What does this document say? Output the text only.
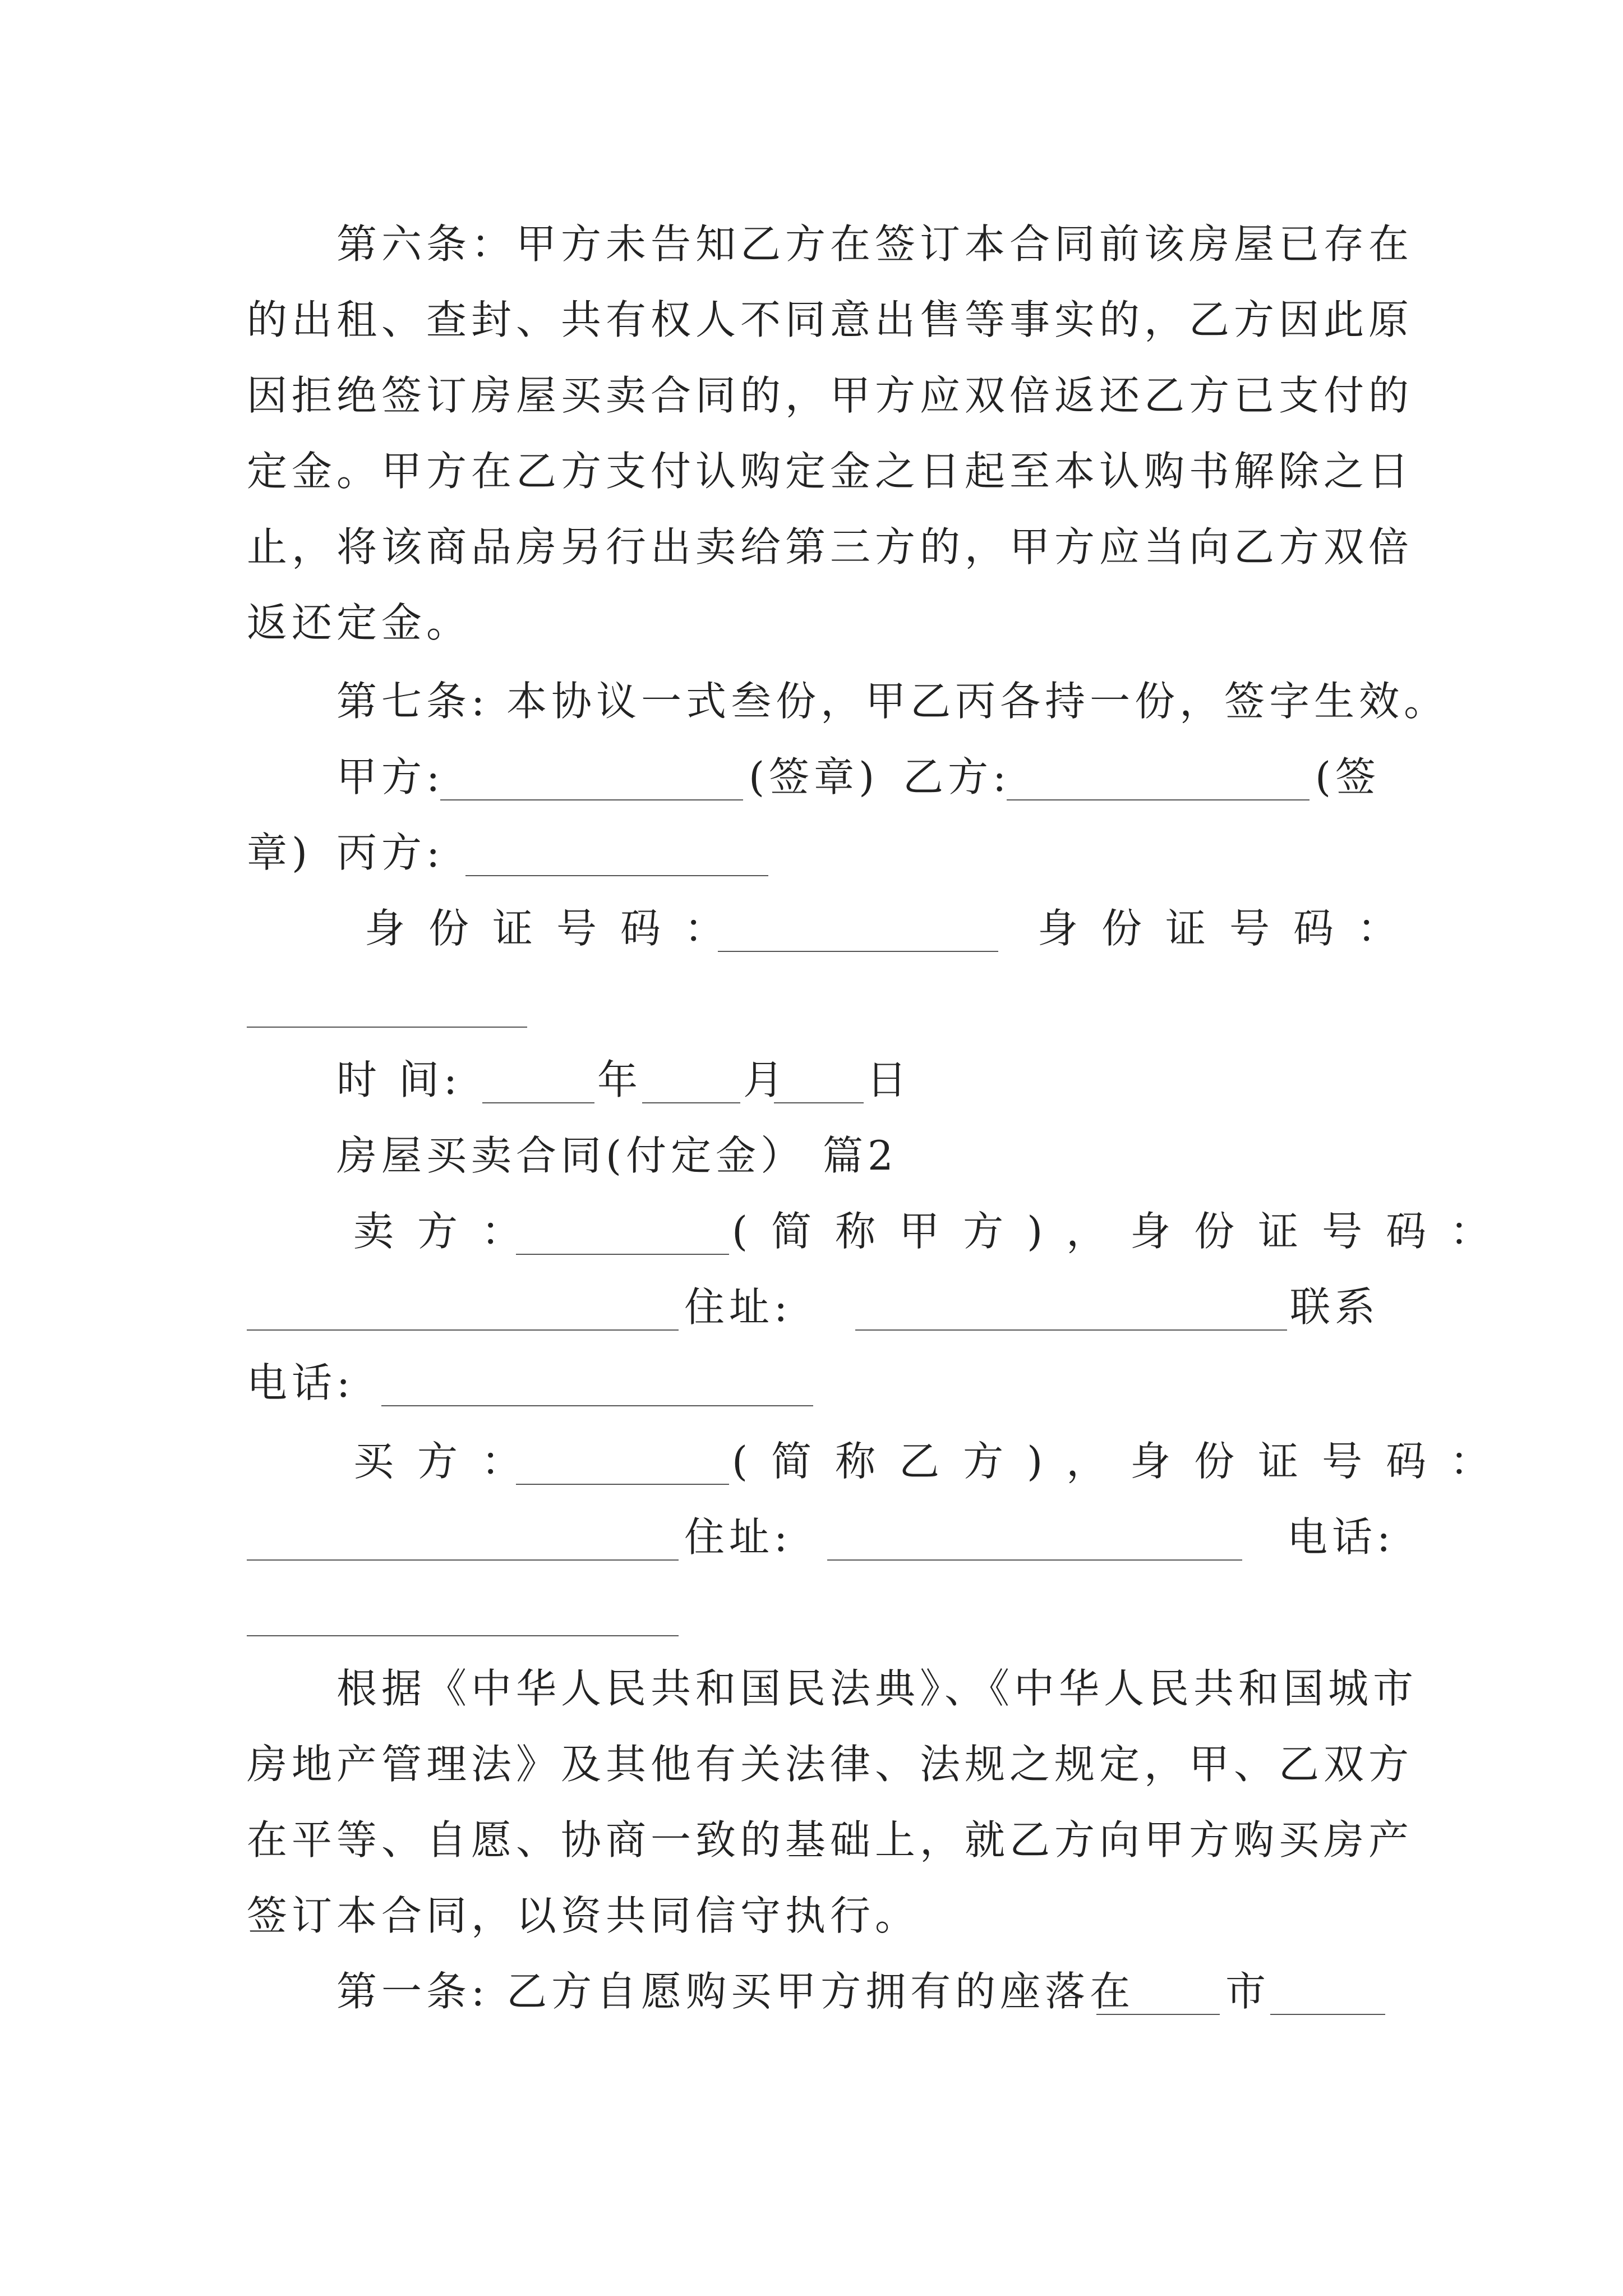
第六条：甲方未告知乙方在签订本合同前该房屋已存在
的出租、查封、共有权人不同意出售等事实的，乙方因此原
因拒绝签订房屋买卖合同的，甲方应双倍返还乙方已支付的
定金。甲方在乙方支付认购定金之日起至本认购书解除之日
止，将该商品房另行出卖给第三方的，甲方应当向乙方双倍
返还定金。
第七条: 本协议一式叁份，甲乙丙各持一份，签字生效。
甲方:	(签章) 乙方:	(签
章) 丙方:
身份证号码：	身份证号码：
时 间:	年 月 日
房屋买卖合同(付定金） 篇2
卖方：	(简称甲方)，身份证号码：
住址:	联系
电话:
买方：	(简称乙方)，身份证号码：
住址:	电话:
根据《中华人民共和国民法典》、《中华人民共和国城市
房地产管理法》及其他有关法律、法规之规定，甲、乙双方
在平等、自愿、协商一致的基础上，就乙方向甲方购买房产
签订本合同，以资共同信守执行。
第一条: 乙方自愿购买甲方拥有的座落在 市
